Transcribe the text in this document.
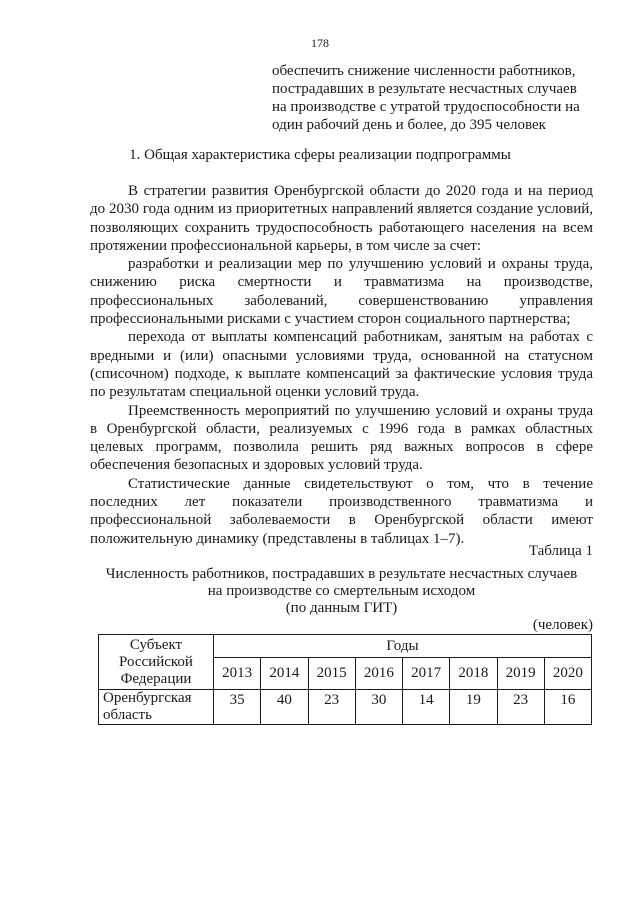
178
обеспечить снижение численности работников,
пострадавших в результате несчастных случаев
на производстве с утратой трудоспособности на
один рабочий день и более, до 395 человек
1. Общая характеристика сферы реализации подпрограммы

В стратегии развития Оренбургской области до 2020 года и на период до 2030 года одним из приоритетных направлений является создание условий, позволяющих сохранить трудоспособность работающего населения на всем протяжении профессиональной карьеры, в том числе за счет:

разработки и реализации мер по улучшению условий и охраны труда, снижению риска смертности и травматизма на производстве, профессиональных заболеваний, совершенствованию управления профессиональными рисками с участием сторон социального партнерства;

перехода от выплаты компенсаций работникам, занятым на работах с вредными и (или) опасными условиями труда, основанной на статусном (списочном) подходе, к выплате компенсаций за фактические условия труда по результатам специальной оценки условий труда.

Преемственность мероприятий по улучшению условий и охраны труда в Оренбургской области, реализуемых с 1996 года в рамках областных целевых программ, позволила решить ряд важных вопросов в сфере обеспечения безопасных и здоровых условий труда.

Статистические данные свидетельствуют о том, что в течение последних лет показатели производственного травматизма и профессиональной заболеваемости в Оренбургской области имеют положительную динамику (представлены в таблицах 1–7).

Таблица 1
Численность работников, пострадавших в результате несчастных случаев
на производстве со смертельным исходом
(по данным ГИТ)
(человек)
Субъект
Российской
Федерации	Годы							
	2013	2014	2015	2016	2017	2018	2019	2020

Оренбургская
область	35	40	23	30	14	19	23	16
